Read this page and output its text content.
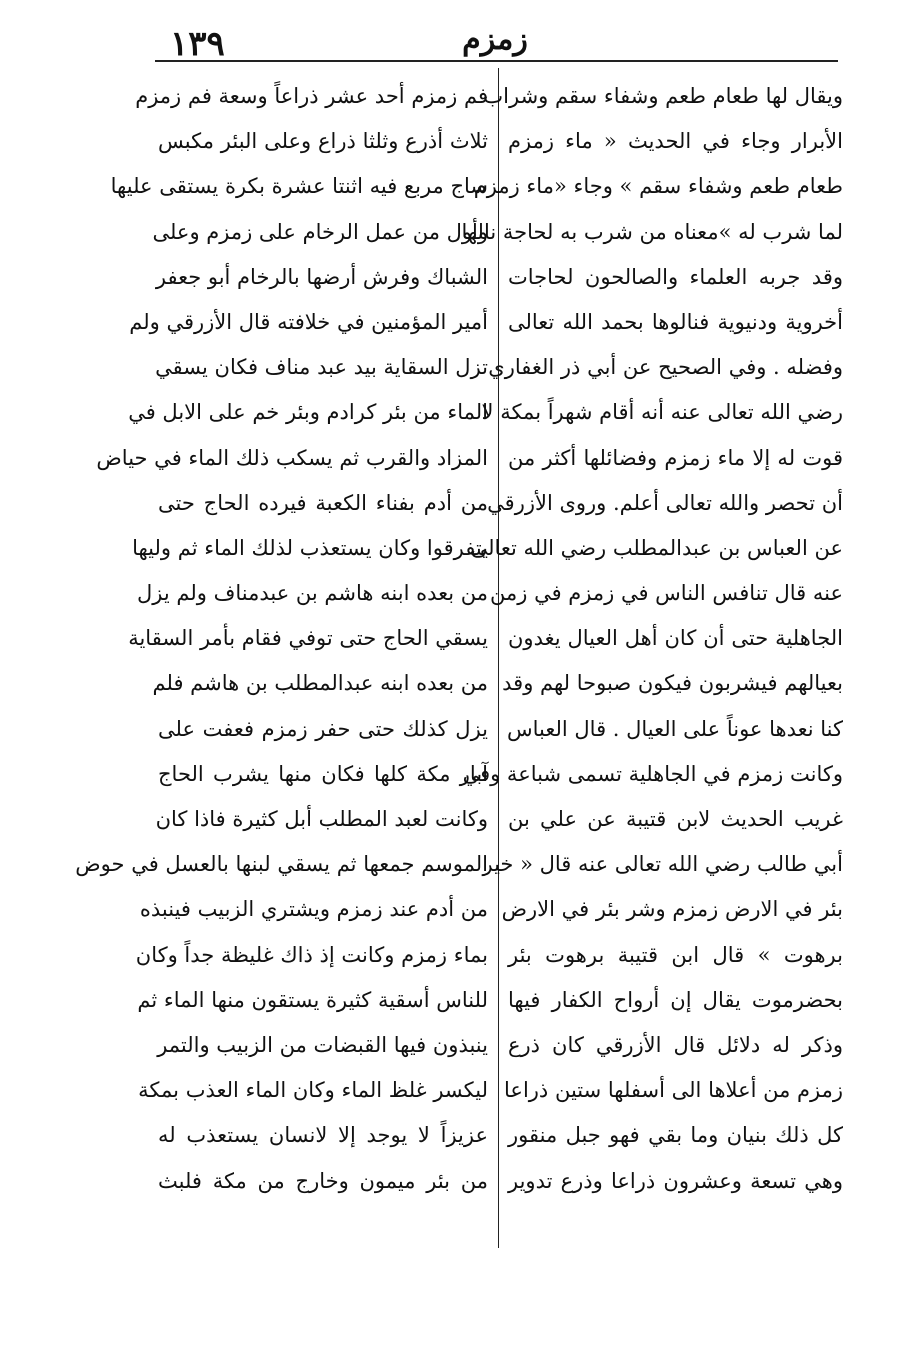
١٣٩	زمزم
ويقال لها طعام طعم وشفاء سقم وشراب
الأبرار وجاء في الحديث « ماء زمزم
طعام طعم وشفاء سقم » وجاء «ماء زمزم
لما شرب له »معناه من شرب به لحاجة نالها
وقد جربه العلماء والصالحون لحاجات
أخروية ودنيوية فنالوها بحمد الله تعالى
وفضله . وفي الصحيح عن أبي ذر الغفاري
رضي الله تعالى عنه أنه أقام شهراً بمكة لا
قوت له إلا ماء زمزم وفضائلها أكثر من
أن تحصر والله تعالى أعلم. وروى الأزرقي
عن العباس بن عبدالمطلب رضي الله تعالى
عنه قال تنافس الناس في زمزم في زمن
الجاهلية حتى أن كان أهل العيال يغدون
بعيالهم فيشربون فيكون صبوحا لهم وقد
كنا نعدها عوناً على العيال . قال العباس
وكانت زمزم في الجاهلية تسمى شباعة وفي
غريب الحديث لابن قتيبة عن علي بن
أبي طالب رضي الله تعالى عنه قال « خير
بئر في الارض زمزم وشر بئر في الارض
برهوت » قال ابن قتيبة برهوت بئر
بحضرموت يقال إن أرواح الكفار فيها
وذكر له دلائل قال الأزرقي كان ذرع
زمزم من أعلاها الى أسفلها ستين ذراعا
كل ذلك بنيان وما بقي فهو جبل منقور
وهي تسعة وعشرون ذراعا وذرع تدوير
فم زمزم أحد عشر ذراعاً وسعة فم زمزم
ثلاث أذرع وثلثا ذراع وعلى البئر مكبس
ساج مربع فيه اثنتا عشرة بكرة يستقى عليها
وأول من عمل الرخام على زمزم وعلى
الشباك وفرش أرضها بالرخام أبو جعفر
أمير المؤمنين في خلافته قال الأزرقي ولم
تزل السقاية بيد عبد مناف فكان يسقي
الماء من بئر كرادم وبئر خم على الابل في
المزاد والقرب ثم يسكب ذلك الماء في حياض
من أدم بفناء الكعبة فيرده الحاج حتى
يتفرقوا وكان يستعذب لذلك الماء ثم وليها
من بعده ابنه هاشم بن عبدمناف ولم يزل
يسقي الحاج حتى توفي فقام بأمر السقاية
من بعده ابنه عبدالمطلب بن هاشم فلم
يزل كذلك حتى حفر زمزم فعفت على
آبار مكة كلها فكان منها يشرب الحاج
وكانت لعبد المطلب أبل كثيرة فاذا كان
الموسم جمعها ثم يسقي لبنها بالعسل في حوض
من أدم عند زمزم ويشتري الزبيب فينبذه
بماء زمزم وكانت إذ ذاك غليظة جداً وكان
للناس أسقية كثيرة يستقون منها الماء ثم
ينبذون فيها القبضات من الزبيب والتمر
ليكسر غلظ الماء وكان الماء العذب بمكة
عزيزاً لا يوجد إلا لانسان يستعذب له
من بئر ميمون وخارج من مكة فلبث
